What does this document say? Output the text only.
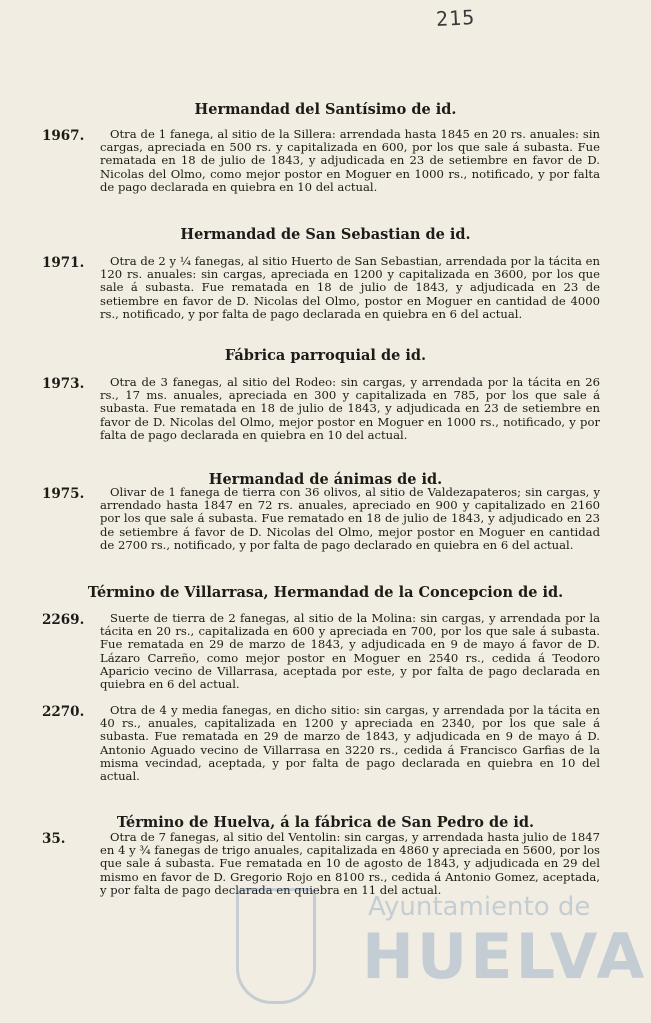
215
Hermandad del Santísimo de id.
1967.	Otra de 1 fanega, al sitio de la Sillera: arrendada hasta 1845 en 20 rs. anuales: sin cargas, apreciada en 500 rs. y capitalizada en 600, por los que sale á subasta. Fue rematada en 18 de julio de 1843, y adjudicada en 23 de setiembre en favor de D. Nicolas del Olmo, como mejor postor en Moguer en 1000 rs., notificado, y por falta de pago declarada en quiebra en 10 del actual.
Hermandad de San Sebastian de id.
1971.	Otra de 2 y ¼ fanegas, al sitio Huerto de San Sebastian, arrendada por la tácita en 120 rs. anuales: sin cargas, apreciada en 1200 y capitalizada en 3600, por los que sale á subasta. Fue rematada en 18 de julio de 1843, y adjudicada en 23 de setiembre en favor de D. Nicolas del Olmo, postor en Moguer en cantidad de 4000 rs., notificado, y por falta de pago declarada en quiebra en 6 del actual.
Fábrica parroquial de id.
1973.	Otra de 3 fanegas, al sitio del Rodeo: sin cargas, y arrendada por la tácita en 26 rs., 17 ms. anuales, apreciada en 300 y capitalizada en 785, por los que sale á subasta. Fue rematada en 18 de julio de 1843, y adjudicada en 23 de setiembre en favor de D. Nicolas del Olmo, mejor postor en Moguer en 1000 rs., notificado, y por falta de pago declarada en quiebra en 10 del actual.
Hermandad de ánimas de id.
1975.	Olivar de 1 fanega de tierra con 36 olivos, al sitio de Valdezapateros; sin cargas, y arrendado hasta 1847 en 72 rs. anuales, apreciado en 900 y capitalizado en 2160 por los que sale á subasta. Fue rematado en 18 de julio de 1843, y adjudicado en 23 de setiembre á favor de D. Nicolas del Olmo, mejor postor en Moguer en cantidad de 2700 rs., notificado, y por falta de pago declarado en quiebra en 6 del actual.
Término de Villarrasa, Hermandad de la Concepcion de id.
2269.	Suerte de tierra de 2 fanegas, al sitio de la Molina: sin cargas, y arrendada por la tácita en 20 rs., capitalizada en 600 y apreciada en 700, por los que sale á subasta. Fue rematada en 29 de marzo de 1843, y adjudicada en 9 de mayo á favor de D. Lázaro Carreño, como mejor postor en Moguer en 2540 rs., cedida á Teodoro Aparicio vecino de Villarrasa, aceptada por este, y por falta de pago declarada en quiebra en 6 del actual.
2270.	Otra de 4 y media fanegas, en dicho sitio: sin cargas, y arrendada por la tácita en 40 rs., anuales, capitalizada en 1200 y apreciada en 2340, por los que sale á subasta. Fue rematada en 29 de marzo de 1843, y adjudicada en 9 de mayo á D. Antonio Aguado vecino de Villarrasa en 3220 rs., cedida á Francisco Garfias de la misma vecindad, aceptada, y por falta de pago declarada en quiebra en 10 del actual.
Término de Huelva, á la fábrica de San Pedro de id.
35.	Otra de 7 fanegas, al sitio del Ventolin: sin cargas, y arrendada hasta julio de 1847 en 4 y ¾ fanegas de trigo anuales, capitalizada en 4860 y apreciada en 5600, por los que sale á subasta. Fue rematada en 10 de agosto de 1843, y adjudicada en 29 del mismo en favor de D. Gregorio Rojo en 8100 rs., cedida á Antonio Gomez, aceptada, y por falta de pago declarada en quiebra en 11 del actual.
Ayuntamiento de
HUELVA
